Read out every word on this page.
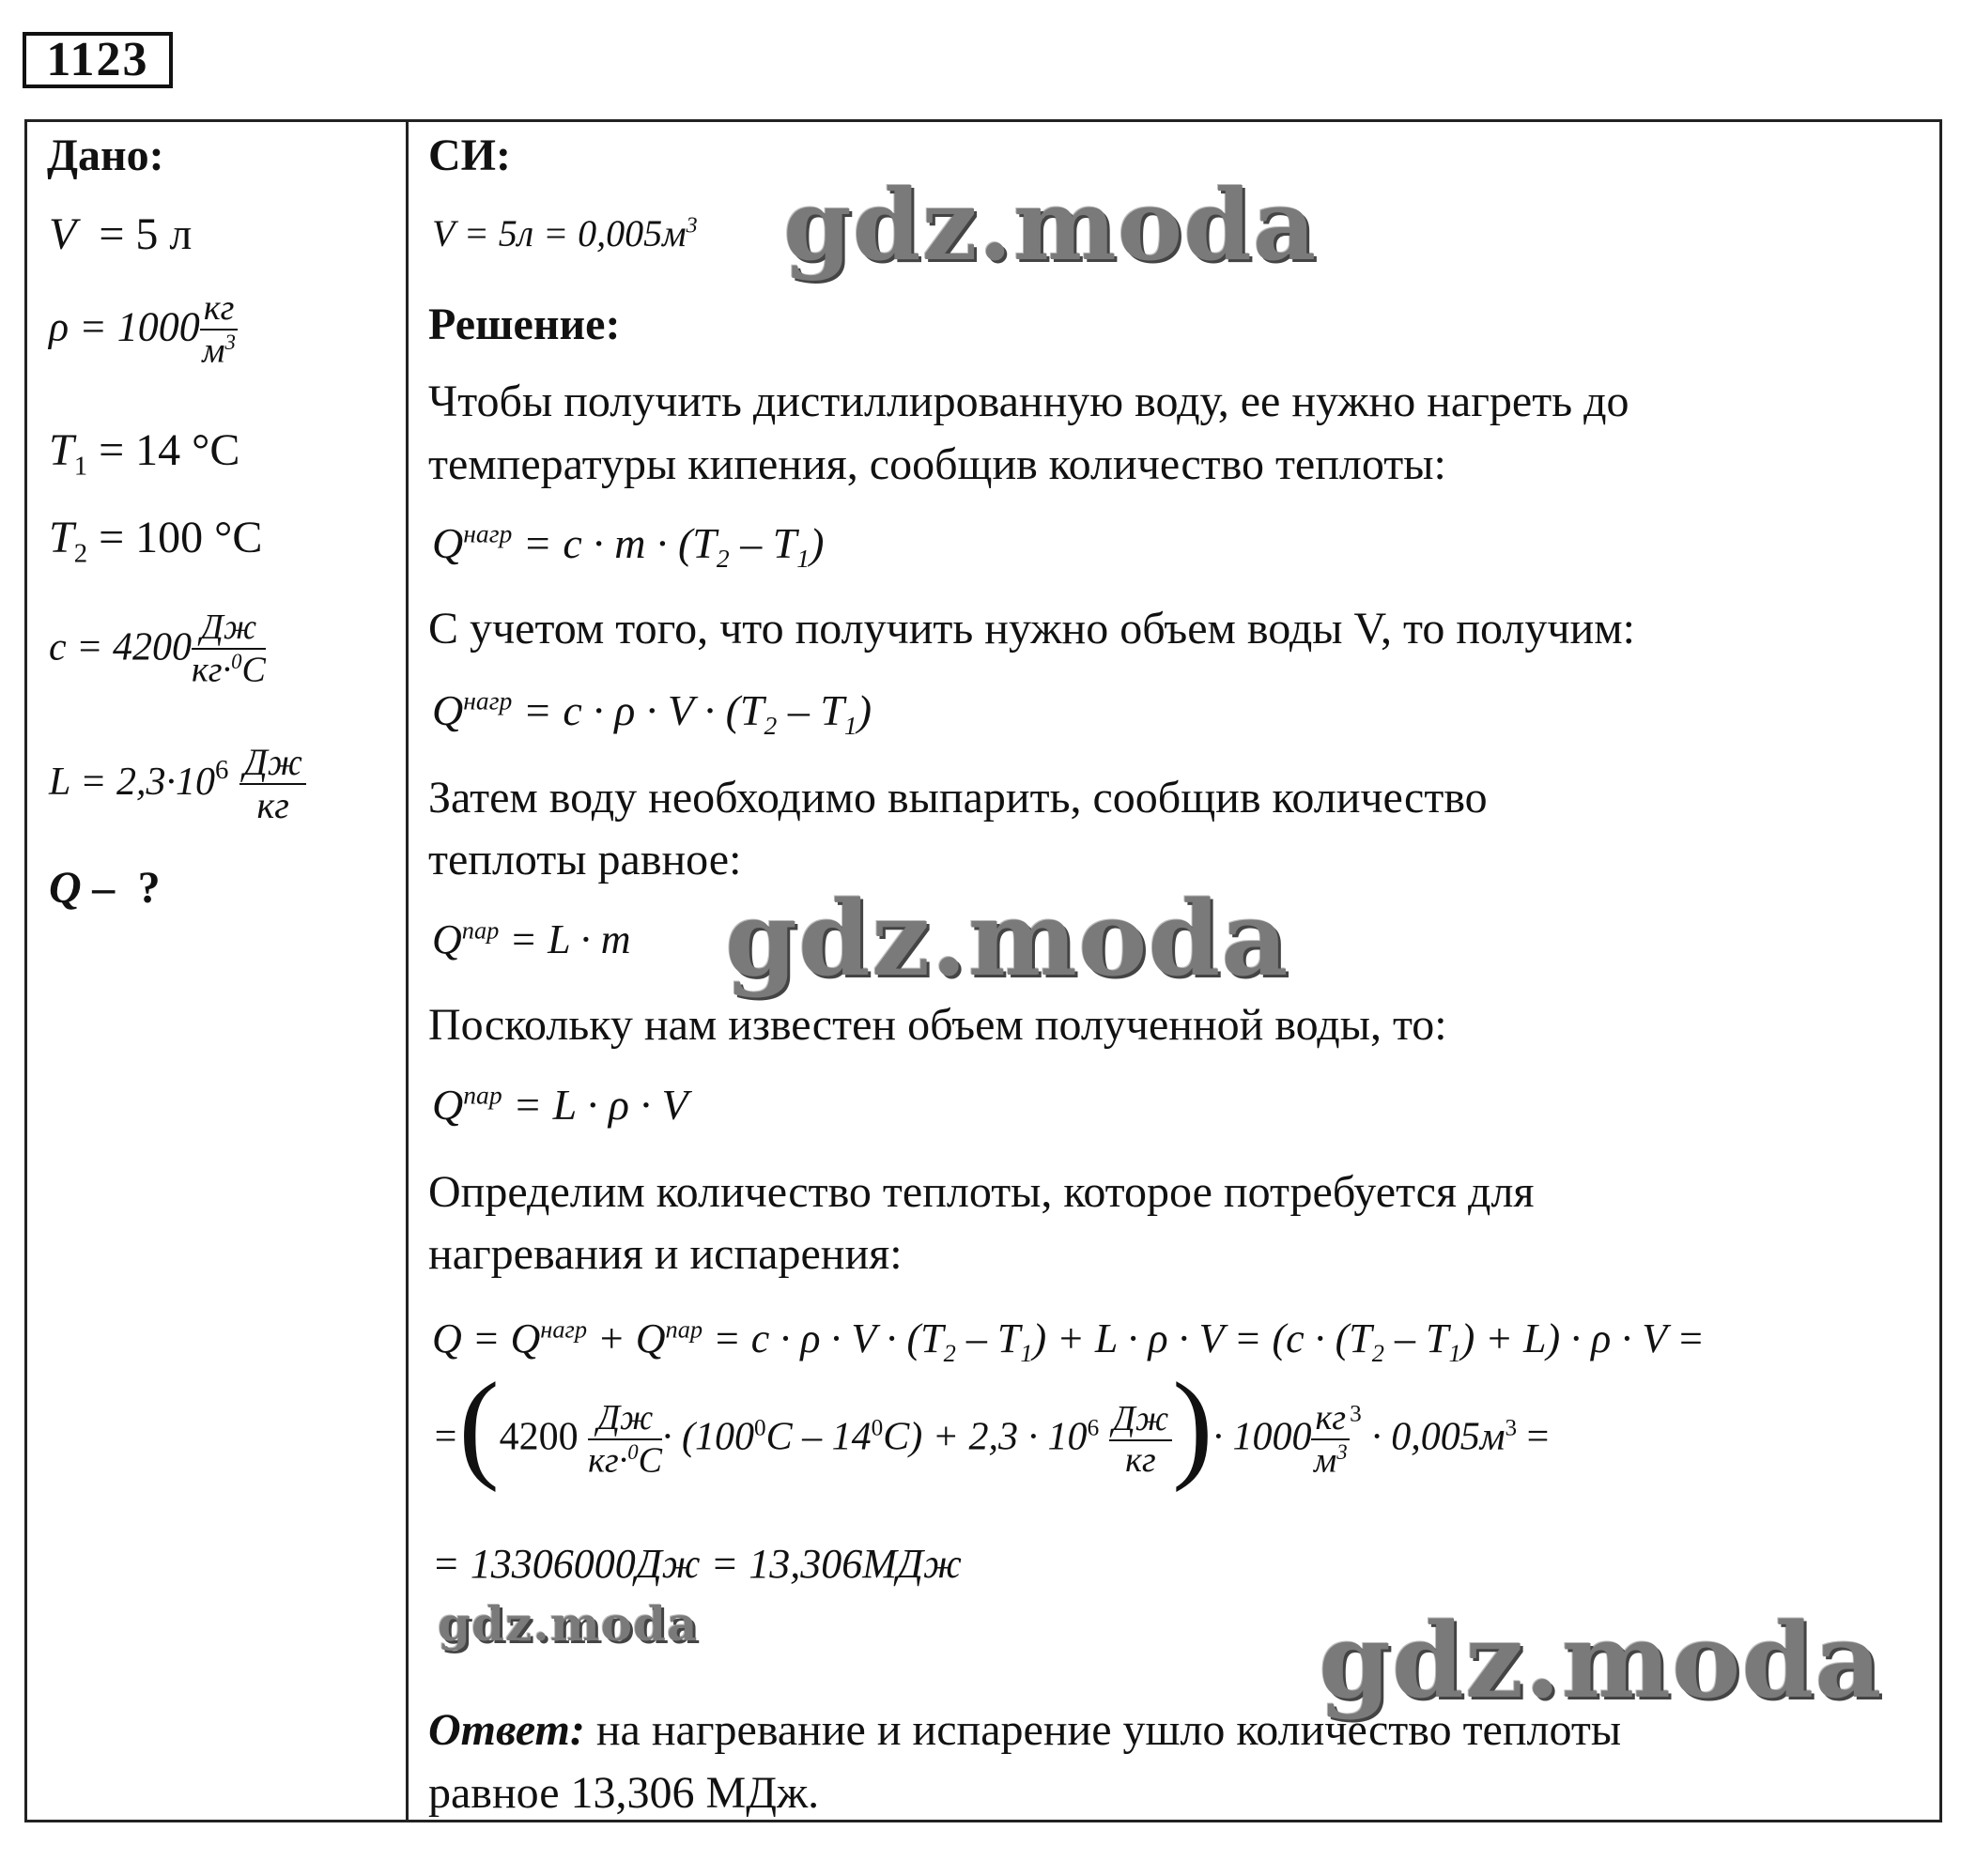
1123
Дано:
V = 5 л
ρ = 1000 кг
$м^3$
$T_1 = 14$ °C
$T_2 = 100$ °C
c = 4200 Дж
кг·$^0$C
$L = 2,3\cdot 10^6$ Дж
кг
Q – ?
СИ:
$V = 5л = 0,005м^3$
Решение:
Чтобы получить дистиллированную воду, ее нужно нагреть до
температуры кипения, сообщив количество теплоты:
$Q^{нагр} = c \cdot m \cdot (T_2 - T_1)$
С учетом того, что получить нужно объем воды V, то получим:
$Q^{нагр} = c \cdot \rho \cdot V \cdot (T_2 - T_1)$
Затем воду необходимо выпарить, сообщив количество
теплоты равное:
$Q^{пар} = L \cdot m$
Поскольку нам известен объем полученной воды, то:
$Q^{пар} = L \cdot \rho \cdot V$
Определим количество теплоты, которое потребуется для
нагревания и испарения:
$Q = Q^{нагр} + Q^{пар} = c \cdot \rho \cdot V \cdot (T_2 - T_1) + L \cdot \rho \cdot V = (c \cdot (T_2 - T_1) + L) \cdot \rho \cdot V$ =
=(4200 Дж
кг·$^0$C
· $(100^0C - 14^0C) + 2,3 \cdot 10^6$ Дж
кг )· 1000 кг
$м^3$
$^3 \cdot 0,005м^3$ =
= 13306000Дж = 13,306МДж
Ответ: на нагревание и испарение ушло количество теплоты
равное 13,306 МДж.
gdz.moda
gdz.moda
gdz.moda	gdz.moda
